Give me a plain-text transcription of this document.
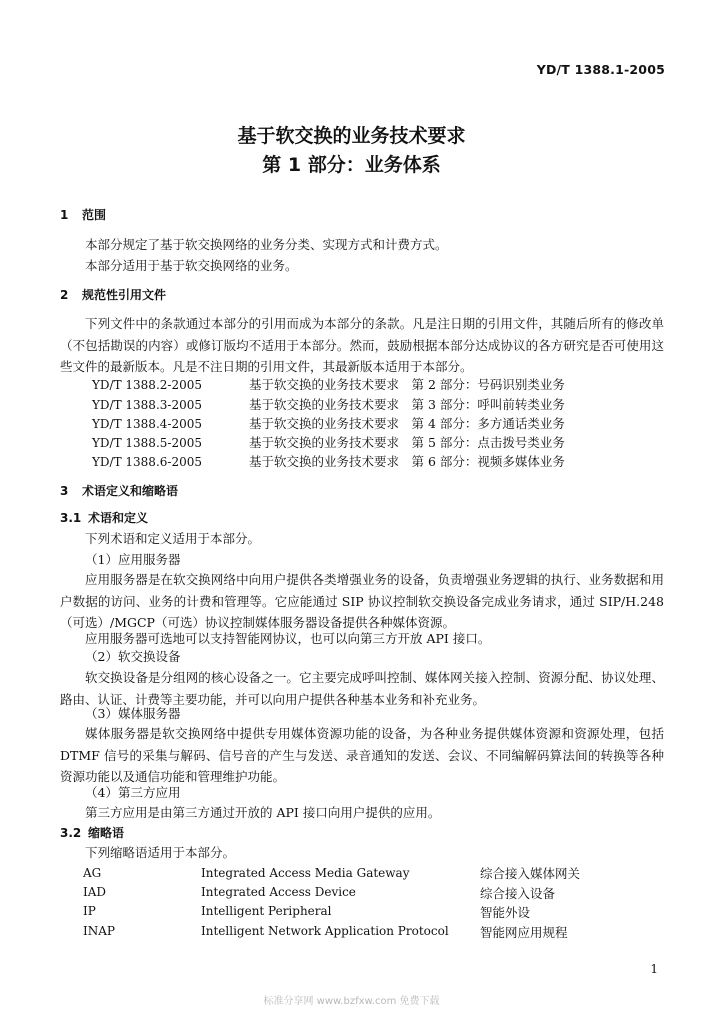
YD/T 1388.1-2005
基于软交换的业务技术要求
第 1 部分：业务体系
1 范围
本部分规定了基于软交换网络的业务分类、实现方式和计费方式。
本部分适用于基于软交换网络的业务。
2 规范性引用文件
下列文件中的条款通过本部分的引用而成为本部分的条款。凡是注日期的引用文件，其随后所有的修改单（不包括勘误的内容）或修订版均不适用于本部分。然而，鼓励根据本部分达成协议的各方研究是否可使用这些文件的最新版本。凡是不注日期的引用文件，其最新版本适用于本部分。
YD/T 1388.2-2005	基于软交换的业务技术要求　第 2 部分：号码识别类业务
YD/T 1388.3-2005	基于软交换的业务技术要求　第 3 部分：呼叫前转类业务
YD/T 1388.4-2005	基于软交换的业务技术要求　第 4 部分：多方通话类业务
YD/T 1388.5-2005	基于软交换的业务技术要求　第 5 部分：点击拨号类业务
YD/T 1388.6-2005	基于软交换的业务技术要求　第 6 部分：视频多媒体业务
3 术语定义和缩略语
3.1 术语和定义
下列术语和定义适用于本部分。
（1）应用服务器
应用服务器是在软交换网络中向用户提供各类增强业务的设备，负责增强业务逻辑的执行、业务数据和用户数据的访问、业务的计费和管理等。它应能通过 SIP 协议控制软交换设备完成业务请求，通过 SIP/H.248（可选）/MGCP（可选）协议控制媒体服务器设备提供各种媒体资源。
应用服务器可选地可以支持智能网协议，也可以向第三方开放 API 接口。
（2）软交换设备
软交换设备是分组网的核心设备之一。它主要完成呼叫控制、媒体网关接入控制、资源分配、协议处理、路由、认证、计费等主要功能，并可以向用户提供各种基本业务和补充业务。
（3）媒体服务器
媒体服务器是软交换网络中提供专用媒体资源功能的设备，为各种业务提供媒体资源和资源处理，包括 DTMF 信号的采集与解码、信号音的产生与发送、录音通知的发送、会议、不同编解码算法间的转换等各种资源功能以及通信功能和管理维护功能。
（4）第三方应用
第三方应用是由第三方通过开放的 API 接口向用户提供的应用。
3.2 缩略语
下列缩略语适用于本部分。
AG	Integrated Access Media Gateway	综合接入媒体网关
IAD	Integrated Access Device	综合接入设备
IP	Intelligent Peripheral	智能外设
INAP	Intelligent Network Application Protocol	智能网应用规程
1
标准分享网 www.bzfxw.com 免费下载
